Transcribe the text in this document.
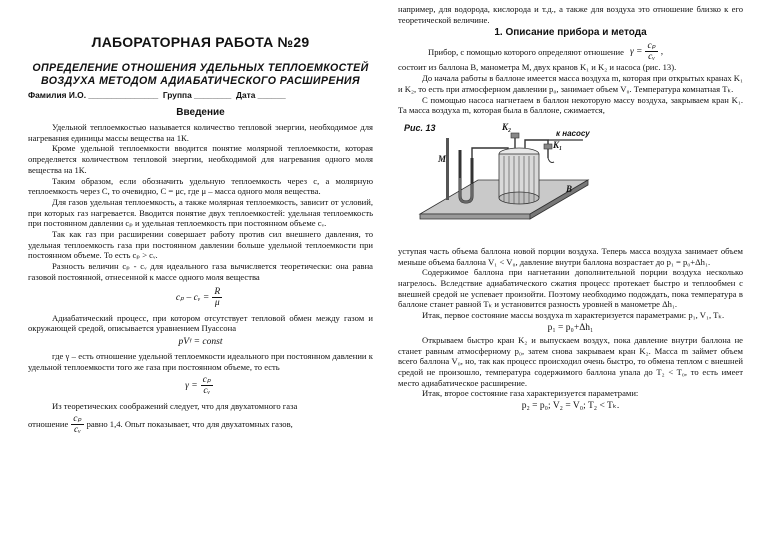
ЛАБОРАТОРНАЯ РАБОТА №29
ОПРЕДЕЛЕНИЕ ОТНОШЕНИЯ УДЕЛЬНЫХ ТЕПЛОЕМКОСТЕЙ
ВОЗДУХА МЕТОДОМ АДИАБАТИЧЕСКОГО РАСШИРЕНИЯ
Фамилия И.О. _______________  Группа ________  Дата ______
Введение

Удельной теплоемкостью называется количество тепловой энергии, необходимое для нагревания единицы массы вещества на 1К.

Кроме удельной теплоемкости вводится понятие молярной теплоемкости, которая определяется количеством тепловой энергии, необходимой для нагревания одного моля вещества на 1К.

Таким образом, если обозначить удельную теплоемкость через с, а молярную теплоемкость через С, то очевидно, С = μс, где μ – масса одного моля вещества.

Для газов удельная теплоемкость, а также молярная теплоемкость, зависит от условий, при которых газ нагревается. Вводится понятие двух теплоемкостей: удельная теплоемкость при постоянном давлении cₚ и удельная теплоемкость при постоянном объеме cᵥ.

Так как газ при расширении совершает работу против сил внешнего давления, то удельная теплоемкость газа при постоянном давлении больше удельной теплоемкости при постоянном объеме. То есть cₚ > cᵥ.

Разность величин cₚ - cᵥ для идеального газа вычисляется теоретически: она равна газовой постоянной, отнесенной к массе одного моля вещества

cₚ – cᵥ = $\frac{R}{\mu}$

Адиабатический процесс, при котором отсутствует тепловой обмен между газом и окружающей средой, описывается уравнением Пуассона

pVᵞ = const

где γ – есть отношение удельной теплоемкости идеального при постоянном давлении к удельной теплоемкости того же газа при постоянном объеме, то есть

$\gamma = \frac{\text{cₚ}}{\text{cᵥ}}$

Из теоретических соображений следует, что для двухатомного газа

отношение $\frac{\text{cₚ}}{\text{cᵥ}}$ равно 1,4. Опыт показывает, что для двухатомных газов,

например, для водорода, кислорода и т.д., а также для воздуха это отношение близко к его теоретической величине.

1. Описание прибора и метода

Прибор, с помощью которого определяют отношение $\gamma = \frac{\text{cₚ}}{\text{cᵥ}}$ ,

состоит из баллона B, манометра M, двух кранов K₁ и K₂ и насоса (рис. 13).

До начала работы в баллоне имеется масса воздуха m, которая при открытых кранах K₁ и K₂, то есть при атмосферном давлении p₀, занимает объем V₀. Температура комнатная Tₖ.

С помощью насоса нагнетаем в баллон некоторую массу воздуха, закрываем кран K₁. Та масса воздуха m, которая была в баллоне, сжимается,

Рис. 13	K₂
K₁
к насосу
M
B

уступая часть объема баллона новой порции воздуха. Теперь масса воздуха занимает объем меньше объема баллона V₁ < V₀, давление внутри баллона возрастает до p₁ = p₀+Δh₁.

Содержимое баллона при нагнетании дополнительной порции воздуха несколько нагрелось. Вследствие адиабатического сжатия процесс протекает быстро и теплообмен с внешней средой не успевает произойти. Поэтому необходимо подождать, пока температура в баллоне станет равной Tₖ и установится разность уровней в манометре Δh₁.

Итак, первое состояние массы воздуха m характеризуется параметрами: p₁, V₁, Tₖ.

p₁ = p₀+Δh₁

Открываем быстро кран K₂ и выпускаем воздух, пока давление внутри баллона не станет равным атмосферному p₀, затем снова закрываем кран K₂. Масса m займет объем всего баллона V₀, но, так как процесс происходил очень быстро, то обмена теплом с внешней средой не произошло, температура содержимого баллона упала до T₂ < T₀, то есть имеет место адиабатическое расширение.

Итак, второе состояние газа характеризуется параметрами:

p₂ = p₀; V₂ = V₀; T₂ < Tₖ.
